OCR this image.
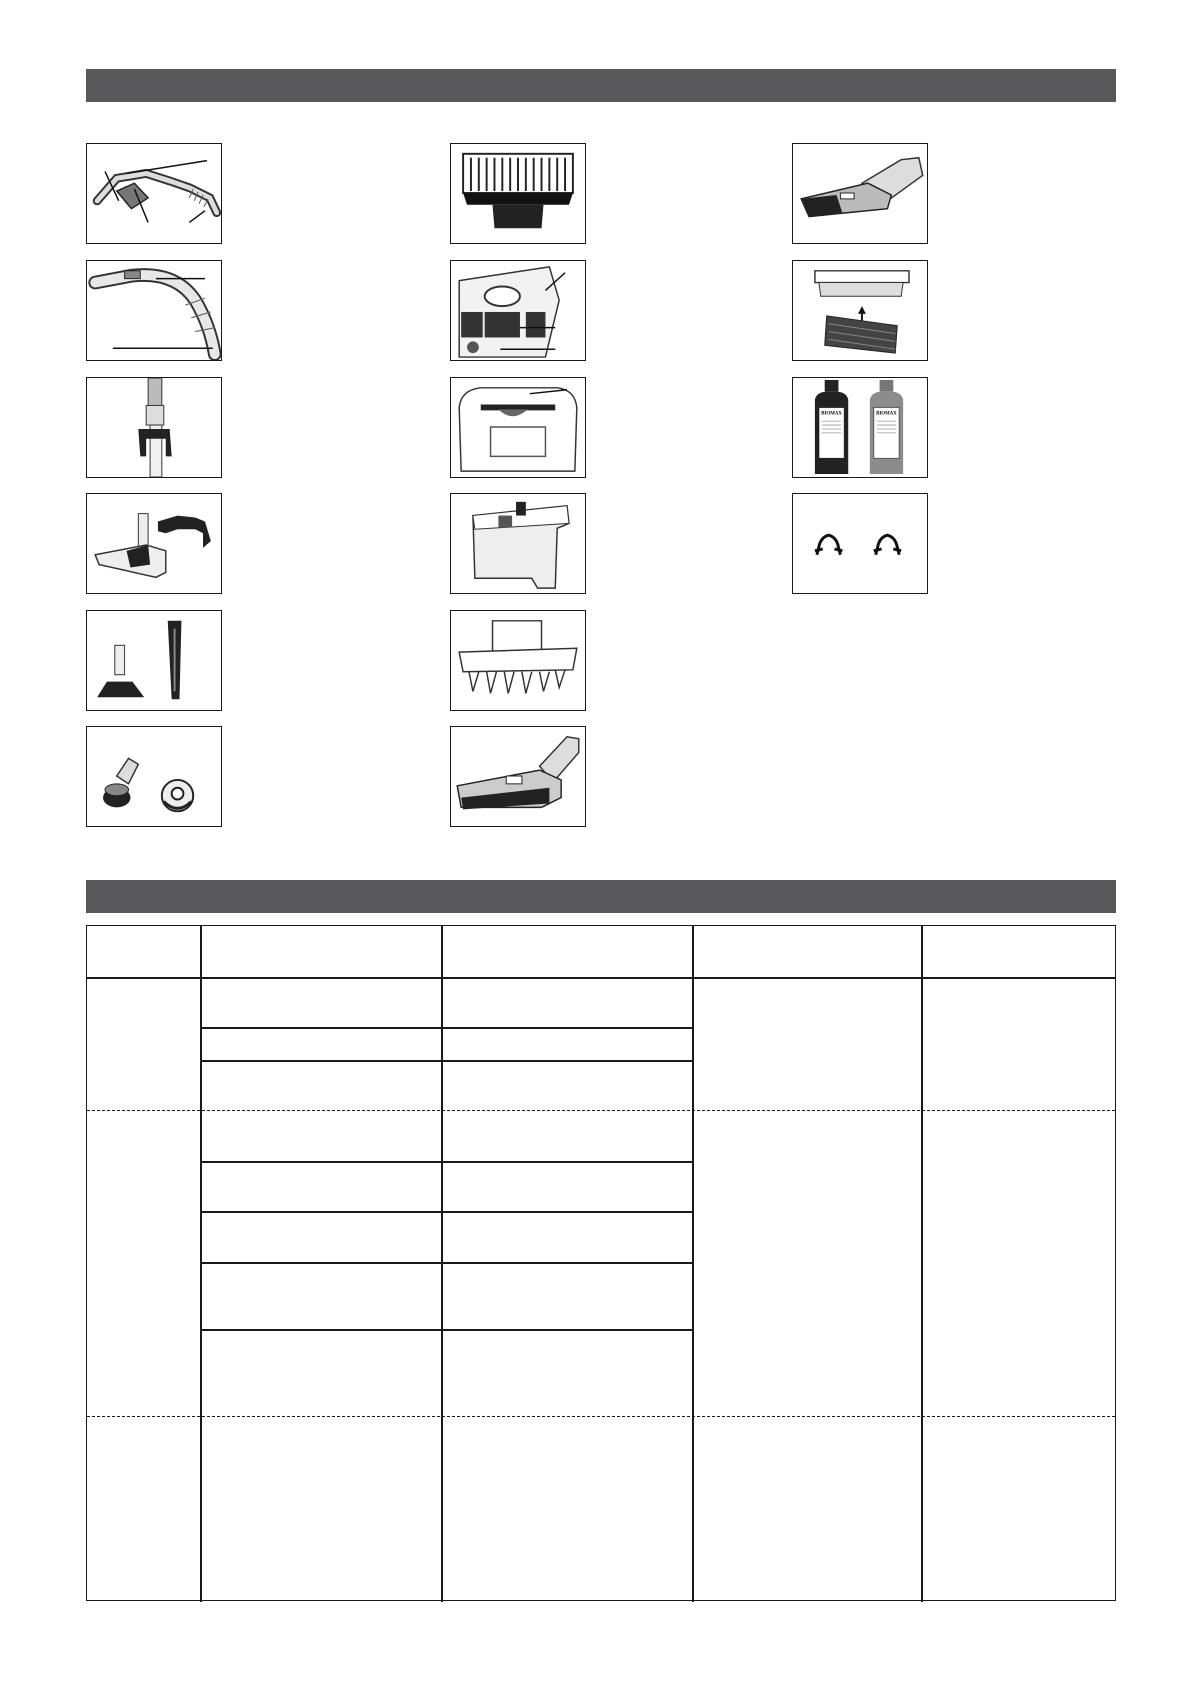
BIOMAX	BIOMAX
